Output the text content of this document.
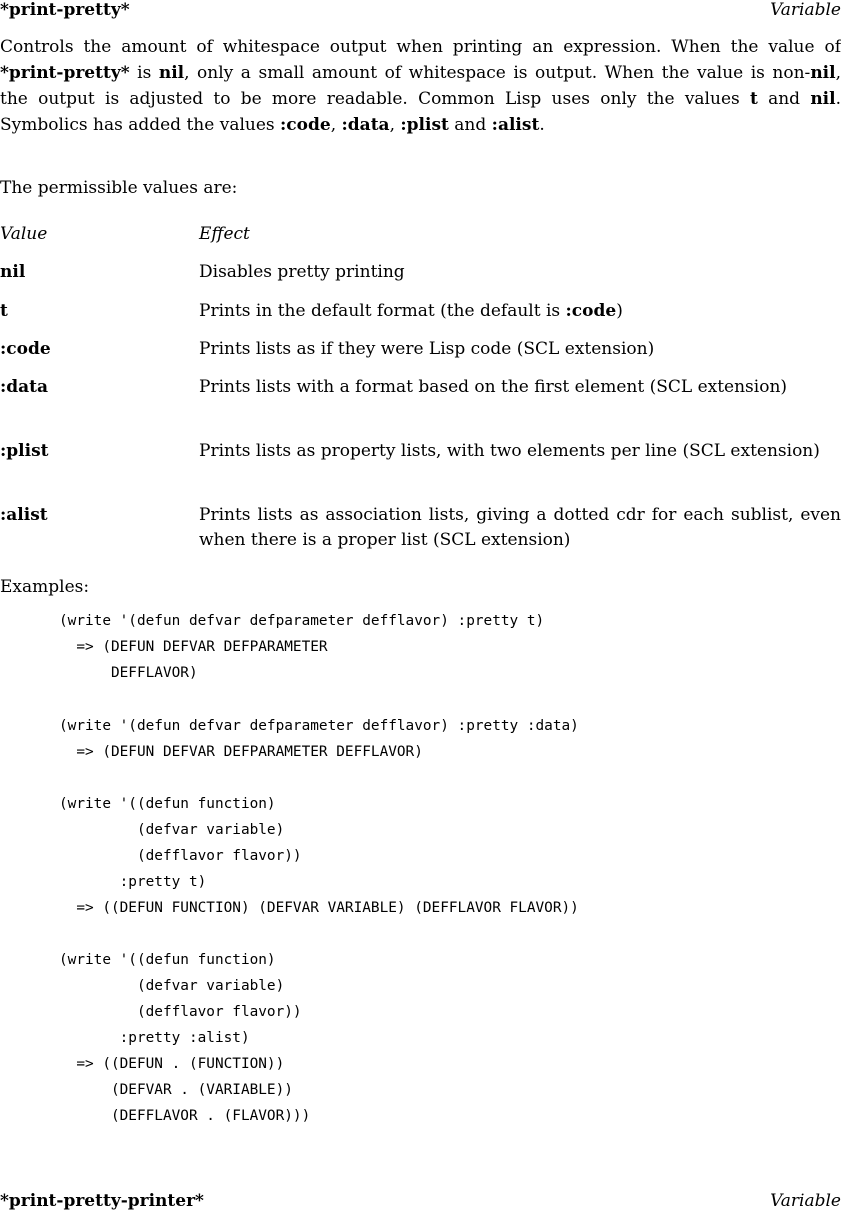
*print-pretty*	Variable
Controls the amount of whitespace output when printing an expression. When the value of *print-pretty* is nil, only a small amount of whitespace is output. When the value is non-nil, the output is adjusted to be more readable. Common Lisp uses only the values t and nil. Symbolics has added the values :code, :data, :plist and :alist.
The permissible values are:
Value	Effect
nil	Disables pretty printing
t	Prints in the default format (the default is :code)
:code	Prints lists as if they were Lisp code (SCL extension)
:data	Prints lists with a format based on the first element (SCL extension)
:plist	Prints lists as property lists, with two elements per line (SCL extension)
:alist	Prints lists as association lists, giving a dotted cdr for each sublist, even when there is a proper list (SCL extension)
Examples:
(write '(defun defvar defparameter defflavor) :pretty t)
=> (DEFUN DEFVAR DEFPARAMETER
DEFFLAVOR)
(write '(defun defvar defparameter defflavor) :pretty :data)
=> (DEFUN DEFVAR DEFPARAMETER DEFFLAVOR)
(write '((defun function)
(defvar variable)
(defflavor flavor))
:pretty t)
=> ((DEFUN FUNCTION) (DEFVAR VARIABLE) (DEFFLAVOR FLAVOR))
(write '((defun function)
(defvar variable)
(defflavor flavor))
:pretty :alist)
=> ((DEFUN . (FUNCTION))
(DEFVAR . (VARIABLE))
(DEFFLAVOR . (FLAVOR)))
*print-pretty-printer*	Variable
